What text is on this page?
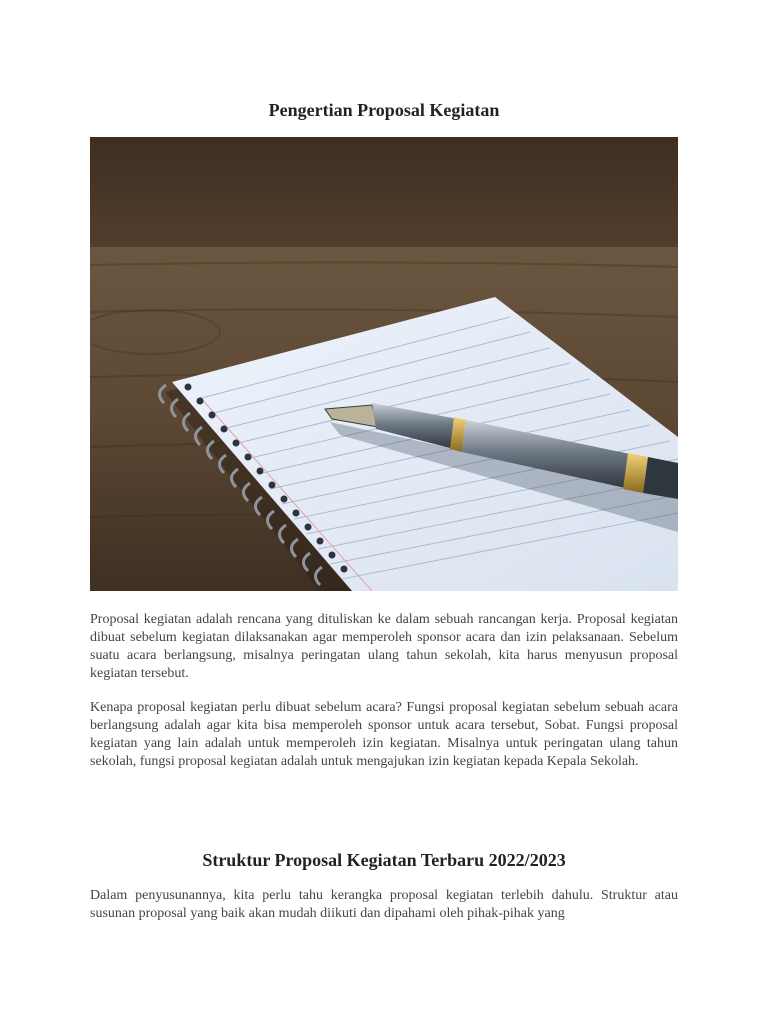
Pengertian Proposal Kegiatan

Proposal kegiatan adalah rencana yang dituliskan ke dalam sebuah rancangan kerja. Proposal kegiatan dibuat sebelum kegiatan dilaksanakan agar memperoleh sponsor acara dan izin pelaksanaan. Sebelum suatu acara berlangsung, misalnya peringatan ulang tahun sekolah, kita harus menyusun proposal kegiatan tersebut.

Kenapa proposal kegiatan perlu dibuat sebelum acara? Fungsi proposal kegiatan sebelum sebuah acara berlangsung adalah agar kita bisa memperoleh sponsor untuk acara tersebut, Sobat. Fungsi proposal kegiatan yang lain adalah untuk memperoleh izin kegiatan. Misalnya untuk peringatan ulang tahun sekolah, fungsi proposal kegiatan adalah untuk mengajukan izin kegiatan kepada Kepala Sekolah.

Struktur Proposal Kegiatan Terbaru 2022/2023

Dalam penyusunannya, kita perlu tahu kerangka proposal kegiatan terlebih dahulu. Struktur atau susunan proposal yang baik akan mudah diikuti dan dipahami oleh pihak-pihak yang
